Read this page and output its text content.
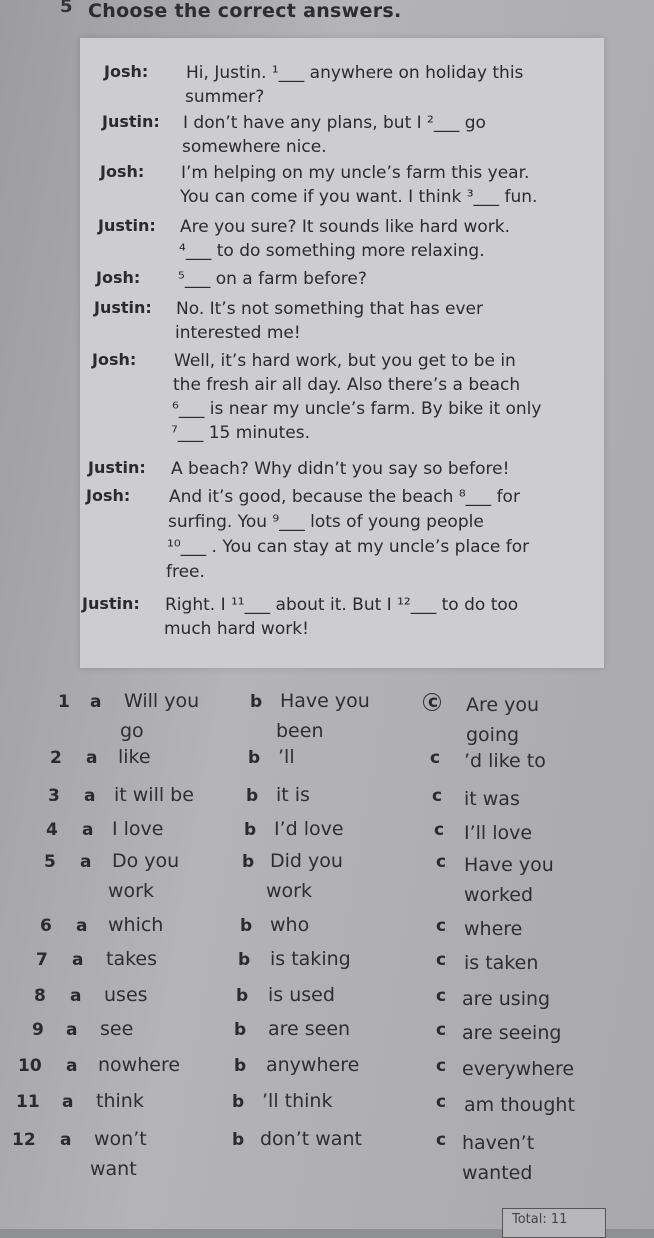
5 Choose the correct answers.
Josh: Hi, Justin. ¹___ anywhere on holiday this
summer?
Justin: I don’t have any plans, but I ²___ go
somewhere nice.
Josh: I’m helping on my uncle’s farm this year.
You can come if you want. I think ³___ fun.
Justin: Are you sure? It sounds like hard work.
⁴___ to do something more relaxing.
Josh: ⁵___ on a farm before?
Justin: No. It’s not something that has ever
interested me!
Josh: Well, it’s hard work, but you get to be in
the fresh air all day. Also there’s a beach
⁶___ is near my uncle’s farm. By bike it only
⁷___ 15 minutes.
Justin: A beach? Why didn’t you say so before!
Josh: And it’s good, because the beach ⁸___ for
surfing. You ⁹___ lots of young people
¹⁰___ . You can stay at my uncle’s place for
free.
Justin: Right. I ¹¹___ about it. But I ¹²___ to do too
much hard work!
1 a Will you
go
b Have you
been
c Are you
going
2 a like	b ’ll	c ’d like to
3 a it will be	b it is	c it was
4 a I love	b I’d love	c I’ll love
5 a Do you
work
b Did you
work
c Have you
worked
6 a which	b who	c where
7 a takes	b is taking	c is taken
8 a uses	b is used	c are using
9 a see	b are seen	c are seeing
10 a nowhere	b anywhere	c everywhere
11 a think	b ’ll think	c am thought
12 a won’t
want
b don’t want	c haven’t
wanted
Total: 11
